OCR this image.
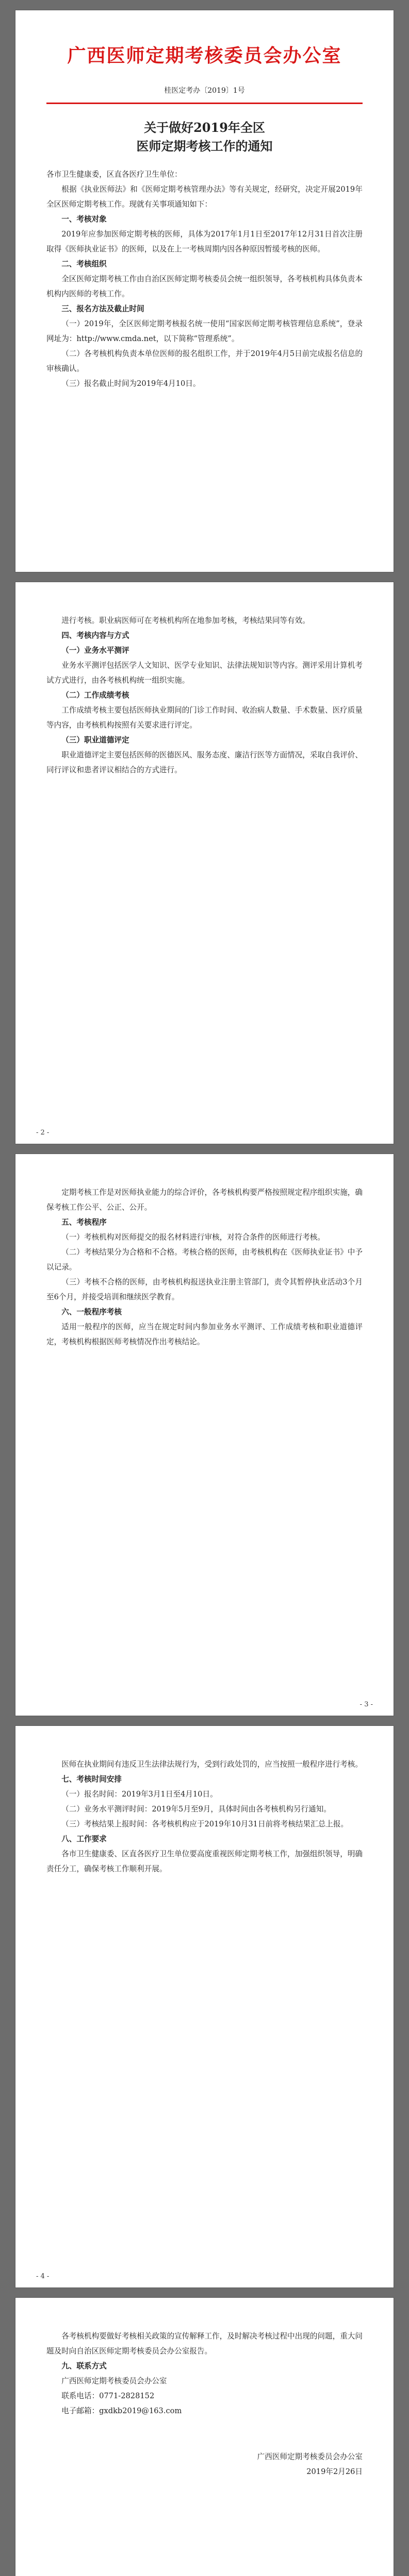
广西医师定期考核委员会办公室
桂医定考办〔2019〕1号
关于做好2019年全区
医师定期考核工作的通知

各市卫生健康委，区直各医疗卫生单位：

根据《执业医师法》和《医师定期考核管理办法》等有关规定，经研究，决定开展2019年全区医师定期考核工作。现就有关事项通知如下：

一、考核对象

2019年应参加医师定期考核的医师，具体为2017年1月1日至2017年12月31日首次注册取得《医师执业证书》的医师，以及在上一考核周期内因各种原因暂缓考核的医师。

二、考核组织

全区医师定期考核工作由自治区医师定期考核委员会统一组织领导，各考核机构具体负责本机构内医师的考核工作。

三、报名方法及截止时间

（一）2019年，全区医师定期考核报名统一使用“国家医师定期考核管理信息系统”，登录网址为：http://www.cmda.net，以下简称“管理系统”。

（二）各考核机构负责本单位医师的报名组织工作，并于2019年4月5日前完成报名信息的审核确认。

（三）报名截止时间为2019年4月10日。

进行考核。职业病医师可在考核机构所在地参加考核，考核结果同等有效。

四、考核内容与方式

（一）业务水平测评

业务水平测评包括医学人文知识、医学专业知识、法律法规知识等内容。测评采用计算机考试方式进行，由各考核机构统一组织实施。

（二）工作成绩考核

工作成绩考核主要包括医师执业期间的门诊工作时间、收治病人数量、手术数量、医疗质量等内容，由考核机构按照有关要求进行评定。

（三）职业道德评定

职业道德评定主要包括医师的医德医风、服务态度、廉洁行医等方面情况，采取自我评价、同行评议和患者评议相结合的方式进行。

- 2 -

定期考核工作是对医师执业能力的综合评价，各考核机构要严格按照规定程序组织实施，确保考核工作公平、公正、公开。

五、考核程序

（一）考核机构对医师提交的报名材料进行审核，对符合条件的医师进行考核。

（二）考核结果分为合格和不合格。考核合格的医师，由考核机构在《医师执业证书》中予以记录。

（三）考核不合格的医师，由考核机构报送执业注册主管部门，责令其暂停执业活动3个月至6个月，并接受培训和继续医学教育。

六、一般程序考核

适用一般程序的医师，应当在规定时间内参加业务水平测评、工作成绩考核和职业道德评定，考核机构根据医师考核情况作出考核结论。

- 3 -

医师在执业期间有违反卫生法律法规行为，受到行政处罚的，应当按照一般程序进行考核。

七、考核时间安排

（一）报名时间：2019年3月1日至4月10日。

（二）业务水平测评时间：2019年5月至9月，具体时间由各考核机构另行通知。

（三）考核结果上报时间：各考核机构应于2019年10月31日前将考核结果汇总上报。

八、工作要求

各市卫生健康委、区直各医疗卫生单位要高度重视医师定期考核工作，加强组织领导，明确责任分工，确保考核工作顺利开展。

- 4 -

各考核机构要做好考核相关政策的宣传解释工作，及时解决考核过程中出现的问题，重大问题及时向自治区医师定期考核委员会办公室报告。

九、联系方式

广西医师定期考核委员会办公室

联系电话：0771-2828152

电子邮箱：gxdkb2019@163.com

广西医师定期考核委员会办公室
2019年2月26日
